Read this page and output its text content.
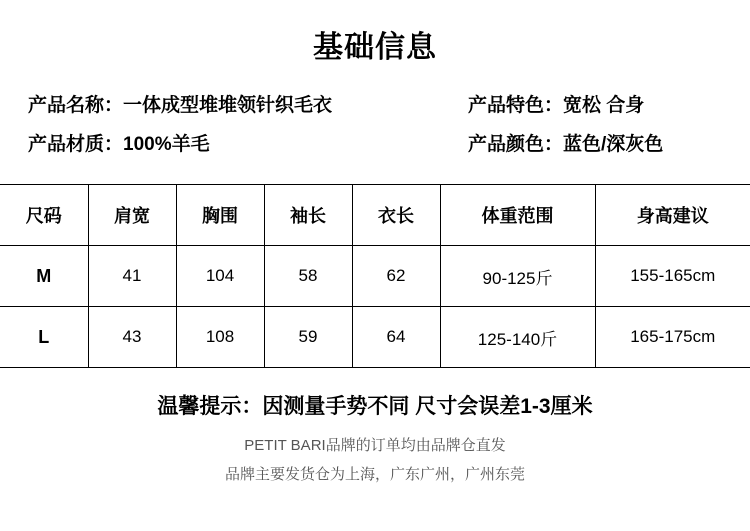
基础信息
产品名称：一体成型堆堆领针织毛衣	产品特色：宽松 合身
产品材质：100%羊毛	产品颜色：蓝色/深灰色
尺码	肩宽	胸围	袖长	衣长	体重范围	身高建议
M	41	104	58	62	90-125斤	155-165cm
L	43	108	59	64	125-140斤	165-175cm
温馨提示：因测量手势不同 尺寸会误差1-3厘米
PETIT BARI品牌的订单均由品牌仓直发
品牌主要发货仓为上海，广东广州，广州东莞
